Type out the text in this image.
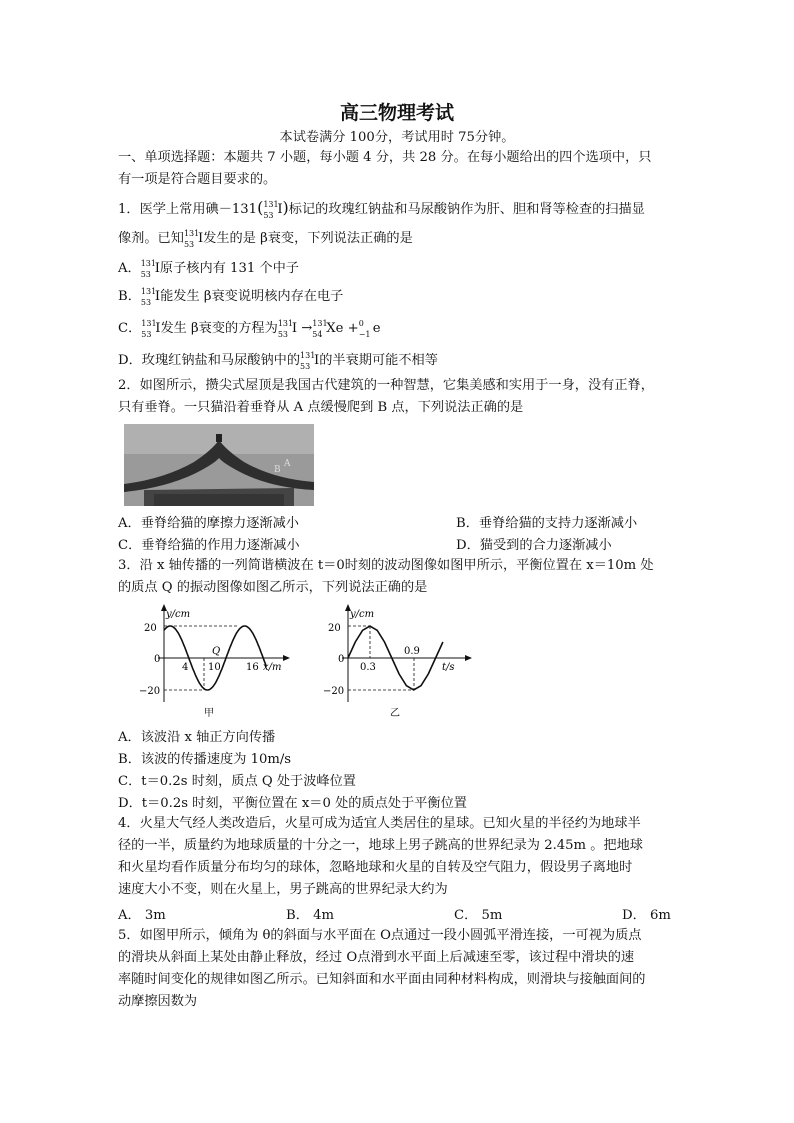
高三物理考试
本试卷满分 100分，考试用时 75分钟。
一、单项选择题：本题共 7 小题，每小题 4 分，共 28 分。在每小题给出的四个选项中，只
有一项是符合题目要求的。
1．医学上常用碘－131( 131
53 I)标记的玫瑰红钠盐和马尿酸钠作为肝、胆和肾等检查的扫描显
像剂。已知 131
53 I发生的是 β衰变，下列说法正确的是
A． 131
53 I原子核内有 131 个中子
B． 131
53 I能发生 β衰变说明核内存在电子
C． 131
53 I发生 β衰变的方程为 131
53 I → 131
54 Xe + 0
−1 e
D．玫瑰红钠盐和马尿酸钠中的 131
53 I的半衰期可能不相等
2．如图所示，攒尖式屋顶是我国古代建筑的一种智慧，它集美感和实用于一身，没有正脊，
只有垂脊。一只猫沿着垂脊从 A 点缓慢爬到 B 点，下列说法正确的是
B
A
A．垂脊给猫的摩擦力逐渐减小	B．垂脊给猫的支持力逐渐减小
C．垂脊给猫的作用力逐渐减小	D．猫受到的合力逐渐减小
3．沿 x 轴传播的一列简谐横波在 t＝0时刻的波动图像如图甲所示，平衡位置在 x＝10m 处
的质点 Q 的振动图像如图乙所示，下列说法正确的是
y/cm
20
0
−20
4 10	16
Q
x/m
甲
y/cm
20
0
−20
0.3
0.9
t/s
乙
A．该波沿 x 轴正方向传播
B．该波的传播速度为 10m/s
C．t＝0.2s 时刻，质点 Q 处于波峰位置
D．t＝0.2s 时刻，平衡位置在 x＝0 处的质点处于平衡位置
4．火星大气经人类改造后，火星可成为适宜人类居住的星球。已知火星的半径约为地球半
径的一半，质量约为地球质量的十分之一，地球上男子跳高的世界纪录为 2.45m 。把地球
和火星均看作质量分布均匀的球体，忽略地球和火星的自转及空气阻力，假设男子离地时
速度大小不变，则在火星上，男子跳高的世界纪录大约为
A． 3m	B． 4m	C． 5m	D． 6m
5．如图甲所示，倾角为 θ的斜面与水平面在 O点通过一段小圆弧平滑连接，一可视为质点
的滑块从斜面上某处由静止释放，经过 O点滑到水平面上后减速至零，该过程中滑块的速
率随时间变化的规律如图乙所示。已知斜面和水平面由同种材料构成，则滑块与接触面间的
动摩擦因数为
